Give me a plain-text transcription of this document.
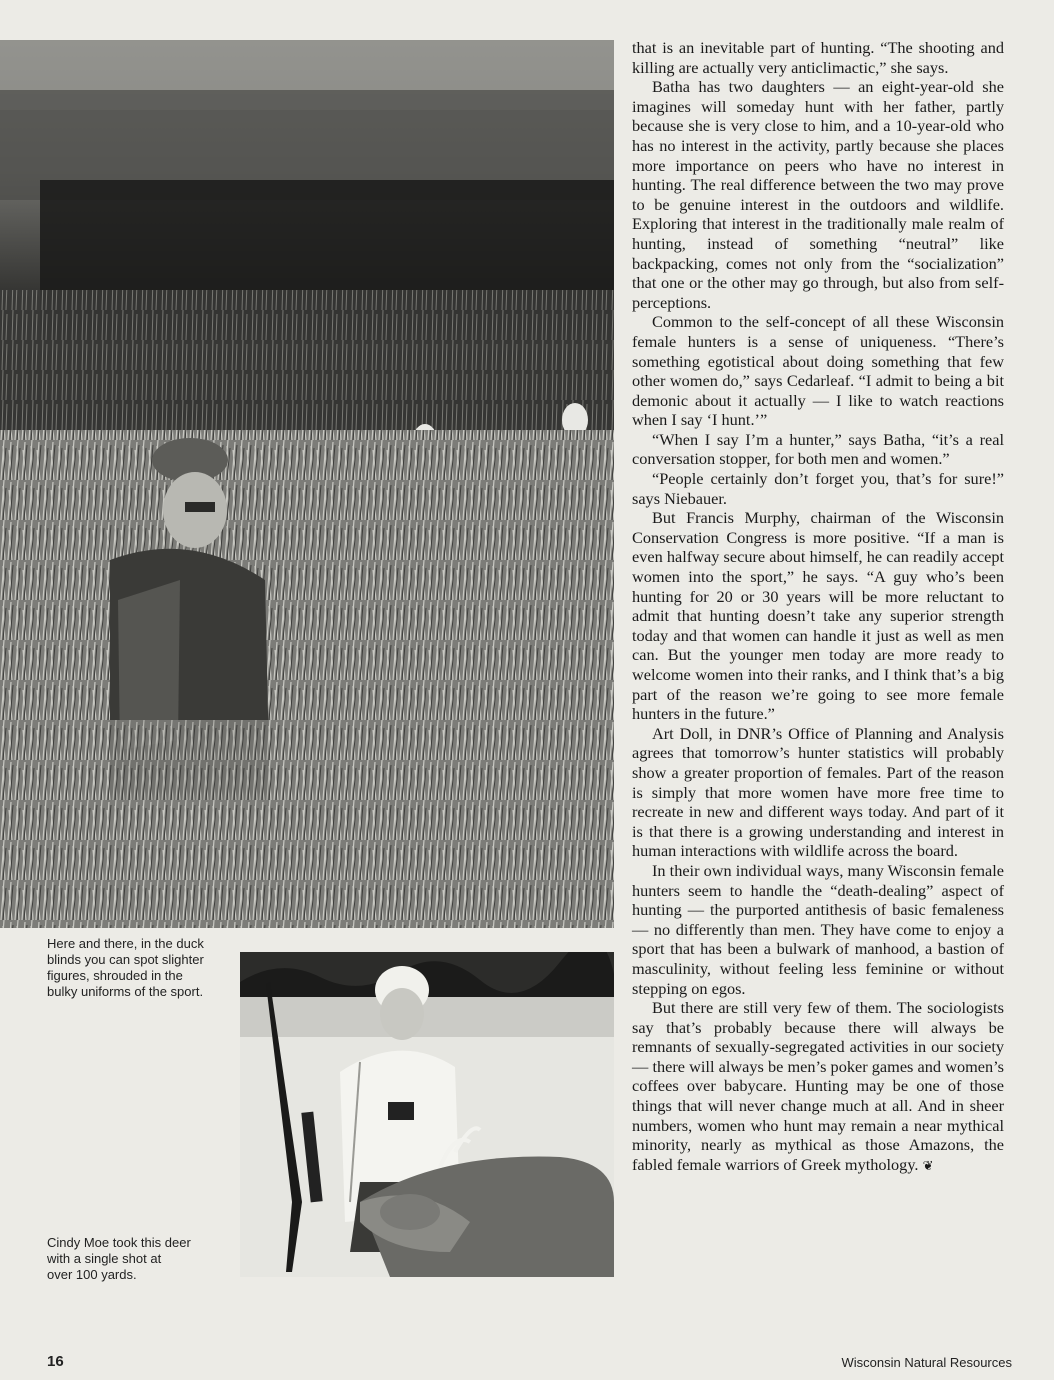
Here and there, in the duck
blinds you can spot slighter
figures, shrouded in the
bulky uniforms of the sport.
Cindy Moe took this deer
with a single shot at
over 100 yards.

that is an inevitable part of hunting. “The shooting and killing are actually very anticlimactic,” she says.

Batha has two daughters — an eight-year-old she imagines will someday hunt with her father, partly because she is very close to him, and a 10-year-old who has no interest in the activity, partly because she places more importance on peers who have no interest in hunting. The real difference between the two may prove to be genuine interest in the outdoors and wildlife. Exploring that interest in the traditionally male realm of hunting, instead of something “neutral” like backpacking, comes not only from the “socialization” that one or the other may go through, but also from self-perceptions.

Common to the self-concept of all these Wisconsin female hunters is a sense of uniqueness. “There’s something egotistical about doing something that few other women do,” says Cedarleaf. “I admit to being a bit demonic about it actually — I like to watch reactions when I say ‘I hunt.’”

“When I say I’m a hunter,” says Batha, “it’s a real conversation stopper, for both men and women.”

“People certainly don’t forget you, that’s for sure!” says Niebauer.

But Francis Murphy, chairman of the Wisconsin Conservation Congress is more positive. “If a man is even halfway secure about himself, he can readily accept women into the sport,” he says. “A guy who’s been hunting for 20 or 30 years will be more reluctant to admit that hunting doesn’t take any superior strength today and that women can handle it just as well as men can. But the younger men today are more ready to welcome women into their ranks, and I think that’s a big part of the reason we’re going to see more female hunters in the future.”

Art Doll, in DNR’s Office of Planning and Analysis agrees that tomorrow’s hunter statistics will probably show a greater proportion of females. Part of the reason is simply that more women have more free time to recreate in new and different ways today. And part of it is that there is a growing understanding and interest in human interactions with wildlife across the board.

In their own individual ways, many Wisconsin female hunters seem to handle the “death-dealing” aspect of hunting — the purported antithesis of basic femaleness — no differently than men. They have come to enjoy a sport that has been a bulwark of manhood, a bastion of masculinity, without feeling less feminine or without stepping on egos.

But there are still very few of them. The sociologists say that’s probably because there will always be remnants of sexually-segregated activities in our society — there will always be men’s poker games and women’s coffees over babycare. Hunting may be one of those things that will never change much at all. And in sheer numbers, women who hunt may remain a near mythical minority, nearly as mythical as those Amazons, the fabled female warriors of Greek mythology. ❦

16	Wisconsin Natural Resources
